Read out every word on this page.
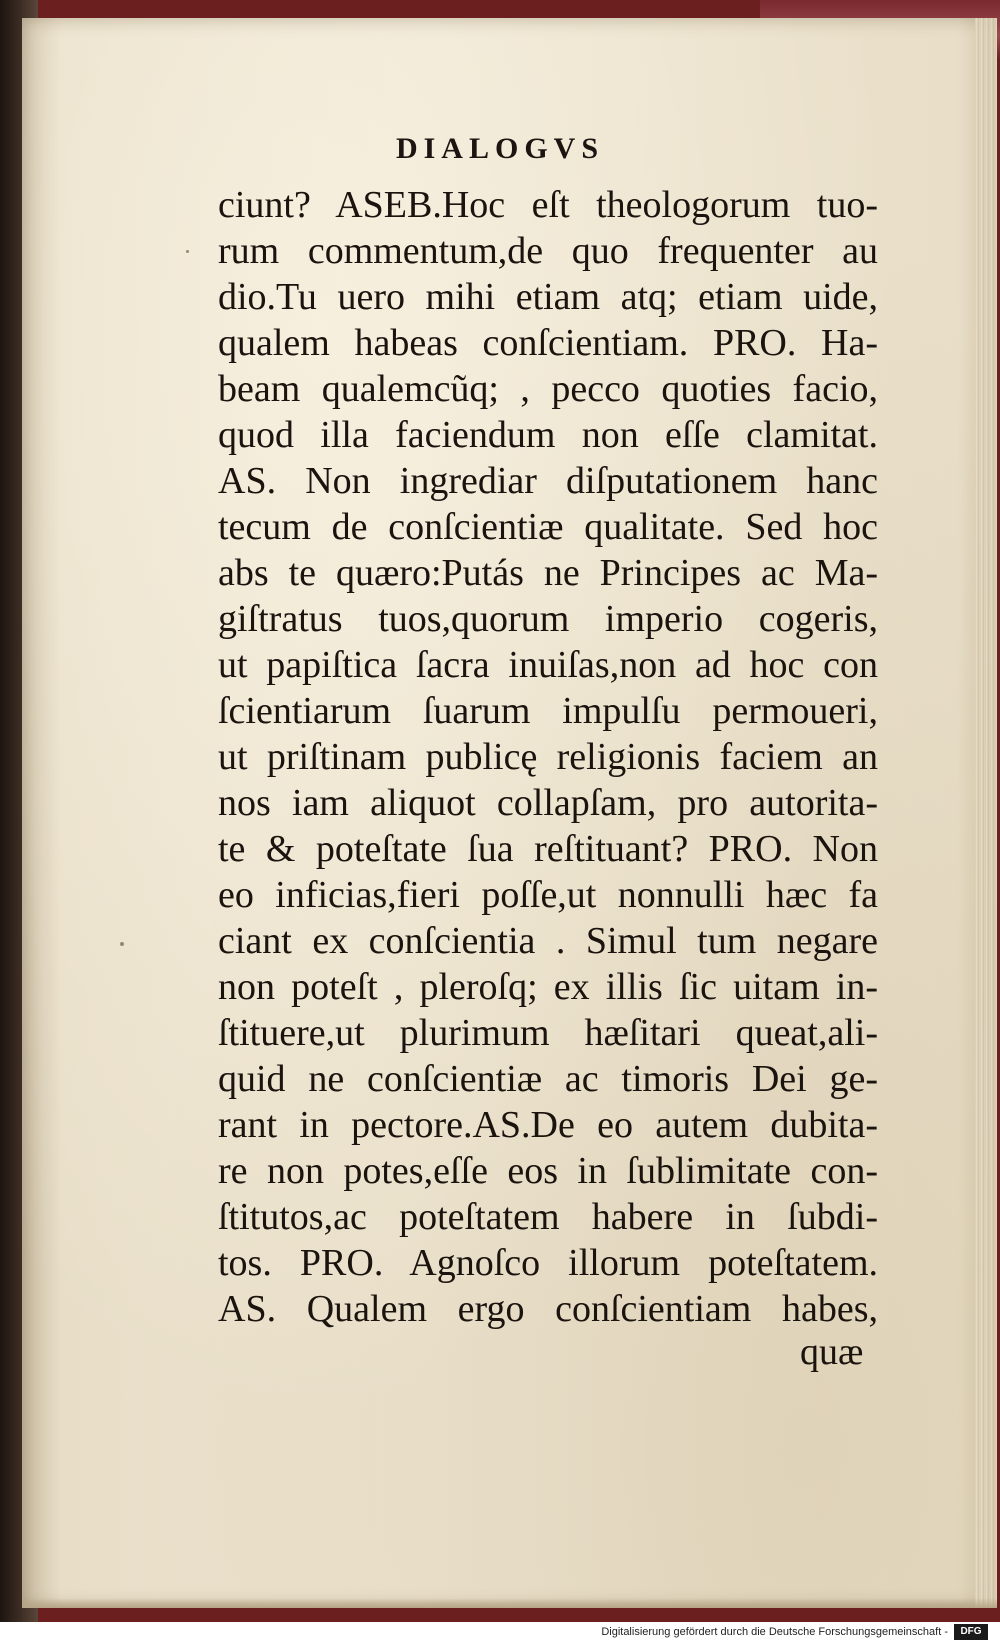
DIALOGVS
ciunt? ASEB.Hoc eſt theologorum tuo-
rum commentum,de quo frequenter au
dio.Tu uero mihi etiam atq; etiam uide,
qualem habeas conſcientiam. PRO. Ha-
beam qualemcũq; , pecco quoties facio,
quod illa faciendum non eſſe clamitat.
AS. Non ingrediar diſputationem hanc
tecum de conſcientiæ qualitate. Sed hoc
abs te quæro:Putás ne Principes ac Ma-
giſtratus tuos,quorum imperio cogeris,
ut papiſtica ſacra inuiſas,non ad hoc con
ſcientiarum ſuarum impulſu permoueri,
ut priſtinam publicę religionis faciem an
nos iam aliquot collapſam, pro autorita-
te & poteſtate ſua reſtituant? PRO. Non
eo inficias,fieri poſſe,ut nonnulli hæc fa
ciant ex conſcientia . Simul tum negare
non poteſt , pleroſq; ex illis ſic uitam in-
ſtituere,ut plurimum hæſitari queat,ali-
quid ne conſcientiæ ac timoris Dei ge-
rant in pectore.AS.De eo autem dubita-
re non potes,eſſe eos in ſublimitate con-
ſtitutos,ac poteſtatem habere in ſubdi-
tos. PRO. Agnoſco illorum poteſtatem.
AS. Qualem ergo conſcientiam habes,
quæ
Digitalisierung gefördert durch die Deutsche Forschungsgemeinschaft -	DFG
